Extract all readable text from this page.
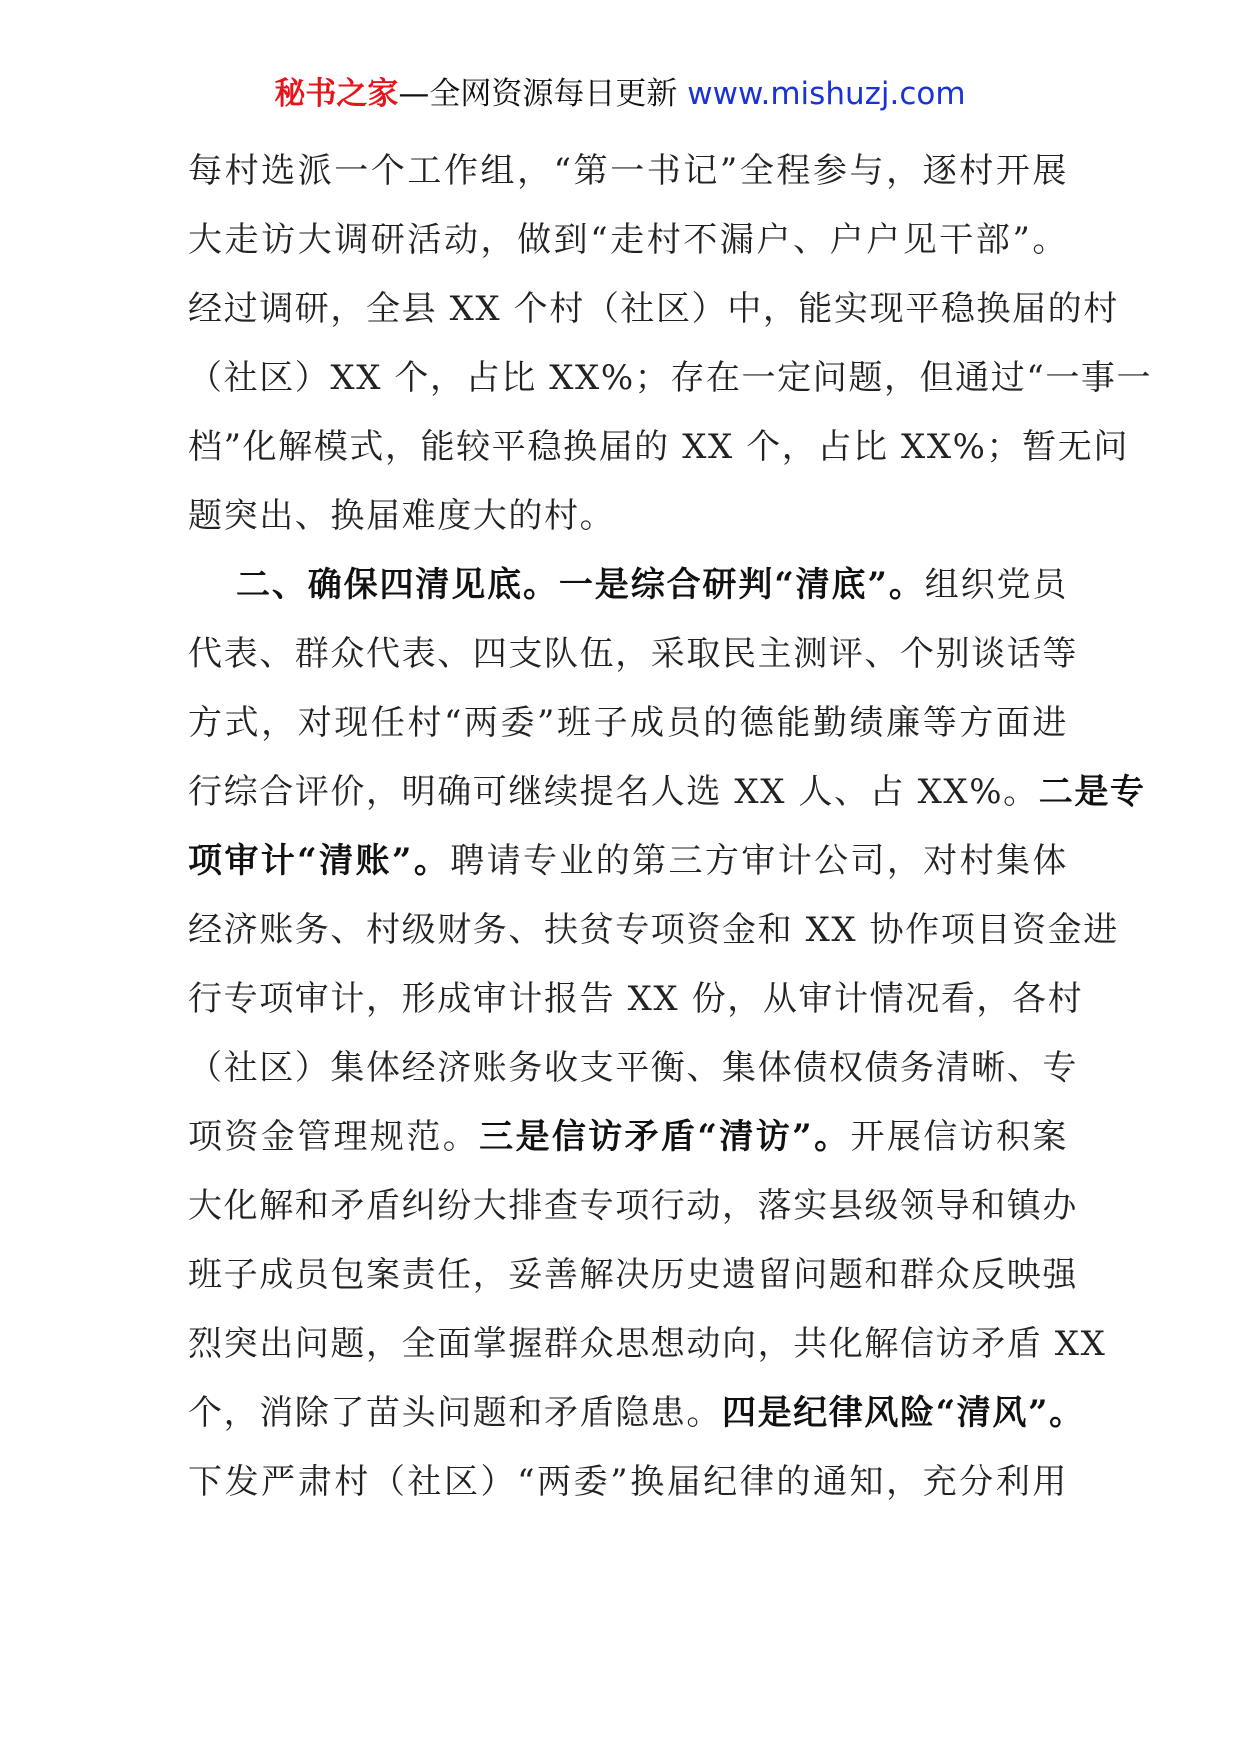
秘书之家—全网资源每日更新 www.mishuzj.com
每村选派一个工作组，“第一书记”全程参与，逐村开展
大走访大调研活动，做到“走村不漏户、户户见干部”。
经过调研，全县 XX 个村（社区）中，能实现平稳换届的村
（社区）XX 个，占比 XX%；存在一定问题，但通过“一事一
档”化解模式，能较平稳换届的 XX 个，占比 XX%；暂无问
题突出、换届难度大的村。
二、确保四清见底。一是综合研判“清底”。组织党员
代表、群众代表、四支队伍，采取民主测评、个别谈话等
方式，对现任村“两委”班子成员的德能勤绩廉等方面进
行综合评价，明确可继续提名人选 XX 人、占 XX%。二是专
项审计“清账”。聘请专业的第三方审计公司，对村集体
经济账务、村级财务、扶贫专项资金和 XX 协作项目资金进
行专项审计，形成审计报告 XX 份，从审计情况看，各村
（社区）集体经济账务收支平衡、集体债权债务清晰、专
项资金管理规范。三是信访矛盾“清访”。开展信访积案
大化解和矛盾纠纷大排查专项行动，落实县级领导和镇办
班子成员包案责任，妥善解决历史遗留问题和群众反映强
烈突出问题，全面掌握群众思想动向，共化解信访矛盾 XX
个，消除了苗头问题和矛盾隐患。四是纪律风险“清风”。
下发严肃村（社区）“两委”换届纪律的通知，充分利用
